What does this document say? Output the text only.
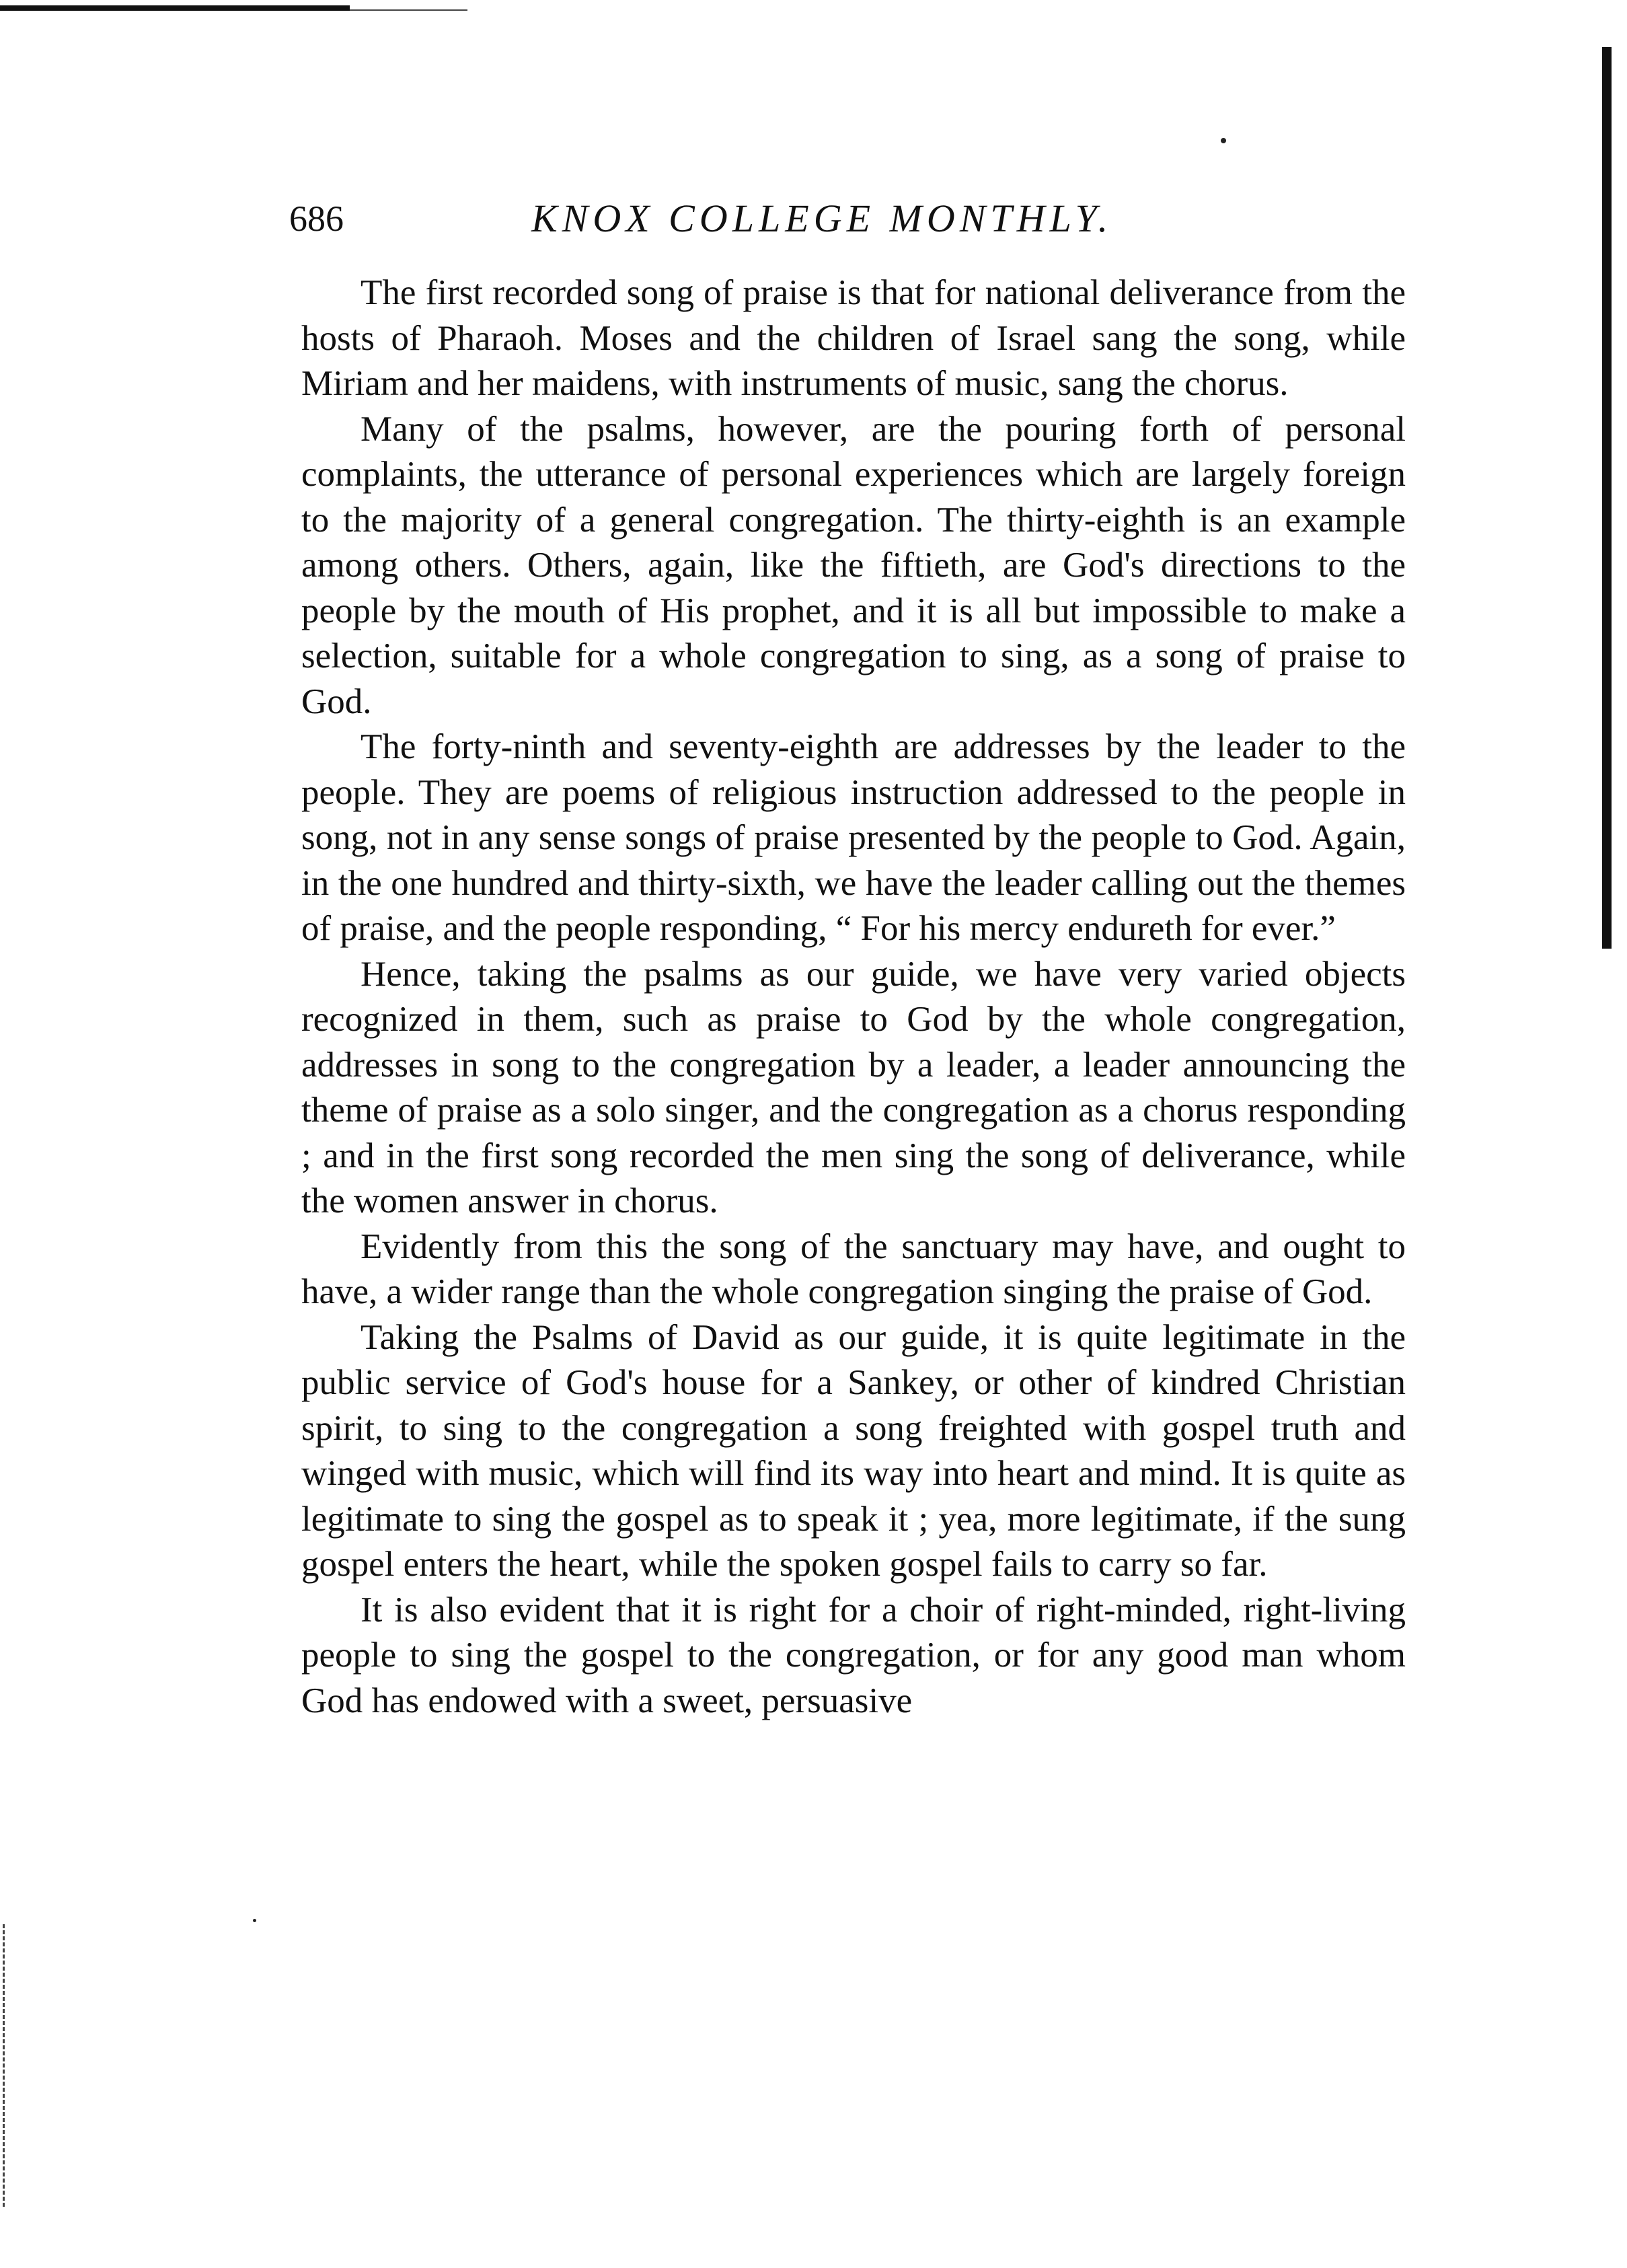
686	KNOX COLLEGE MONTHLY.

The first recorded song of praise is that for national deliverance from the hosts of Pharaoh. Moses and the children of Israel sang the song, while Miriam and her maidens, with instruments of music, sang the chorus.

Many of the psalms, however, are the pouring forth of personal complaints, the utterance of personal experiences which are largely foreign to the majority of a general congregation. The thirty-eighth is an example among others. Others, again, like the fiftieth, are God's directions to the people by the mouth of His prophet, and it is all but impossible to make a selection, suitable for a whole congregation to sing, as a song of praise to God.

The forty-ninth and seventy-eighth are addresses by the leader to the people. They are poems of religious instruction addressed to the people in song, not in any sense songs of praise presented by the people to God. Again, in the one hundred and thirty-sixth, we have the leader calling out the themes of praise, and the people responding, “ For his mercy endureth for ever.”

Hence, taking the psalms as our guide, we have very varied objects recognized in them, such as praise to God by the whole congregation, addresses in song to the congregation by a leader, a leader announcing the theme of praise as a solo singer, and the congregation as a chorus responding ; and in the first song recorded the men sing the song of deliverance, while the women answer in chorus.

Evidently from this the song of the sanctuary may have, and ought to have, a wider range than the whole congregation singing the praise of God.

Taking the Psalms of David as our guide, it is quite legitimate in the public service of God's house for a Sankey, or other of kindred Christian spirit, to sing to the congregation a song freighted with gospel truth and winged with music, which will find its way into heart and mind. It is quite as legitimate to sing the gospel as to speak it ; yea, more legitimate, if the sung gospel enters the heart, while the spoken gospel fails to carry so far.

It is also evident that it is right for a choir of right-minded, right-living people to sing the gospel to the congregation, or for any good man whom God has endowed with a sweet, persuasive
